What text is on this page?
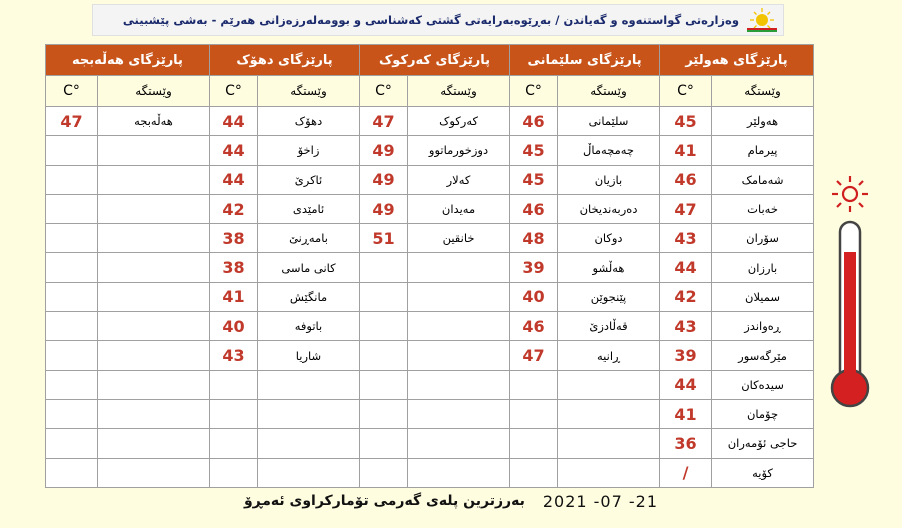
وەزارەتی گواستنەوە و گەیاندن / بەڕێوەبەرایەتی گشتی کەشناسی و بوومەلەرزەزانی هەرێم - بەشی پێشبینی
پارێزگای هەولێر		پارێزگای سلێمانی		پارێزگای کەرکوک		پارێزگای دهۆک		پارێزگای هەڵەبجە	
وێستگە	°C	وێستگە	°C	وێستگە	°C	وێستگە	°C	وێستگە	°C
هەولێر	45	سلێمانی	46	کەرکوک	47	دهۆک	44	هەڵەبجە	47
پیرمام	41	چەمچەماڵ	45	دوزخورماتوو	49	زاخۆ	44		
شەمامک	46	بازیان	45	کەلار	49	ئاکرێ	44		
خەبات	47	دەربەندیخان	46	مەیدان	49	ئامێدی	42		
سۆران	43	دوکان	48	خانقین	51	بامەڕنێ	38		
بارزان	44	هەڵشو	39			کانی ماسی	38		
سمیلان	42	پێنجوێن	40			مانگێش	41		
ڕەواندز	43	قەڵادزێ	46			باتوفە	40		
مێرگەسور	39	ڕانیە	47			شاریا	43		
سیدەکان	44								
چۆمان	41								
حاجی ئۆمەران	36								
کۆیە	/								
بەرزترین پلەی گەرمی تۆمارکراوی ئەمڕۆ 2021 -07 -21
